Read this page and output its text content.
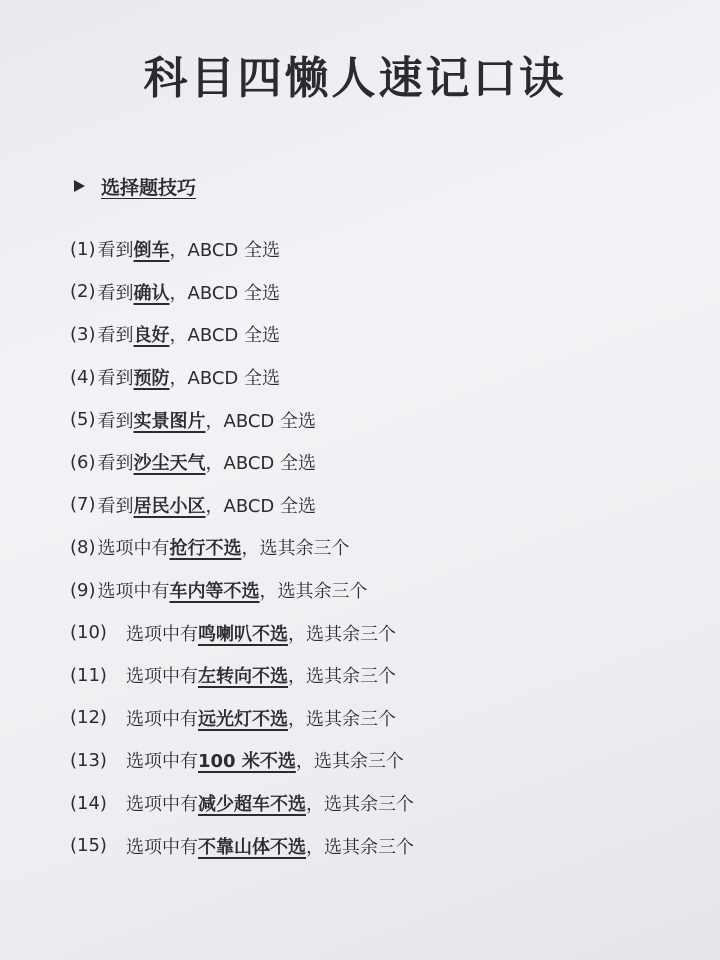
科目四懒人速记口诀
选择题技巧
(1) 看到 倒车 ，ABCD 全选
(2) 看到 确认 ，ABCD 全选
(3) 看到 良好 ，ABCD 全选
(4) 看到 预防 ，ABCD 全选
(5) 看到 实景图片 ，ABCD 全选
(6) 看到 沙尘天气 ，ABCD 全选
(7) 看到 居民小区 ，ABCD 全选
(8) 选项中有 抢行不选 ，选其余三个
(9) 选项中有 车内等不选 ，选其余三个
(10)	选项中有 鸣喇叭不选 ，选其余三个
(11)	选项中有 左转向不选 ，选其余三个
(12)	选项中有 远光灯不选 ，选其余三个
(13)	选项中有 100 米不选 ，选其余三个
(14)	选项中有 减少超车不选 ，选其余三个
(15)	选项中有 不靠山体不选 ，选其余三个
